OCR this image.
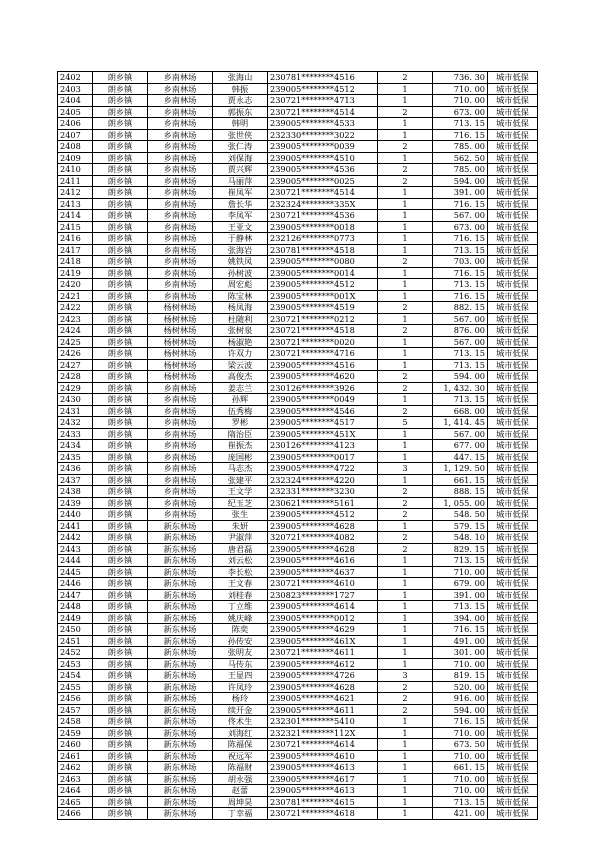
2402	朗乡镇	乡南林场	张海山	230781********4516	2	736. 30	城市低保
2403	朗乡镇	乡南林场	韩振	239005********4512	1	710. 00	城市低保
2404	朗乡镇	乡南林场	贾永志	230721********4713	1	710. 00	城市低保
2405	朗乡镇	乡南林场	郭振东	230721********4514	2	673. 00	城市低保
2406	朗乡镇	乡南林场	韩明	239005********4533	1	713. 15	城市低保
2407	朗乡镇	乡南林场	张世侠	232330********3022	1	716. 15	城市低保
2408	朗乡镇	乡南林场	张仁涛	239005********0039	2	785. 00	城市低保
2409	朗乡镇	乡南林场	刘保海	239005********4510	1	562. 50	城市低保
2410	朗乡镇	乡南林场	贾兴辉	239005********4536	2	785. 00	城市低保
2411	朗乡镇	乡南林场	马丽萍	239005********0025	2	594. 00	城市低保
2412	朗乡镇	乡南林场	崔凤军	230721********4514	1	391. 00	城市低保
2413	朗乡镇	乡南林场	詹长华	232324********335X	1	716. 15	城市低保
2414	朗乡镇	乡南林场	李凤军	230721********4536	1	567. 00	城市低保
2415	朗乡镇	乡南林场	王亚文	239005********0018	1	673. 00	城市低保
2416	朗乡镇	乡南林场	于静林	232126********0773	1	716. 15	城市低保
2417	朗乡镇	乡南林场	张海岩	230781********4518	1	713. 15	城市低保
2418	朗乡镇	乡南林场	姚铁凤	239005********0080	2	703. 00	城市低保
2419	朗乡镇	乡南林场	孙树波	239005********0014	1	716. 15	城市低保
2420	朗乡镇	乡南林场	周宏彪	239005********4512	1	713. 15	城市低保
2421	朗乡镇	乡南林场	陈宝林	239005********001X	1	716. 15	城市低保
2422	朗乡镇	杨树林场	杨凤海	239005********4519	2	882. 15	城市低保
2423	朗乡镇	杨树林场	杜随利	230721********0212	1	567. 00	城市低保
2424	朗乡镇	杨树林场	张树泉	230721********4518	2	876. 00	城市低保
2425	朗乡镇	杨树林场	杨淑艳	230721********0020	1	567. 00	城市低保
2426	朗乡镇	杨树林场	许双力	230721********4716	1	713. 15	城市低保
2427	朗乡镇	杨树林场	梁云波	239005********4516	1	713. 15	城市低保
2428	朗乡镇	杨树林场	高俊杰	239005********4620	2	594. 00	城市低保
2429	朗乡镇	乡南林场	姜志兰	230126********3926	2	1, 432. 30	城市低保
2430	朗乡镇	乡南林场	孙辉	239005********0049	1	713. 15	城市低保
2431	朗乡镇	乡南林场	伍秀梅	239005********4546	2	668. 00	城市低保
2432	朗乡镇	乡南林场	罗彬	239005********4517	5	1, 414. 45	城市低保
2433	朗乡镇	乡南林场	隋治臣	239005********451X	1	567. 00	城市低保
2434	朗乡镇	乡南林场	崔振杰	230126********4123	1	677. 00	城市低保
2435	朗乡镇	乡南林场	庞国彬	239005********0017	1	447. 15	城市低保
2436	朗乡镇	乡南林场	马志杰	239005********4722	3	1, 129. 50	城市低保
2437	朗乡镇	乡南林场	张建平	232324********4220	1	661. 15	城市低保
2438	朗乡镇	乡南林场	王文学	232331********3230	2	888. 15	城市低保
2439	朗乡镇	乡南林场	纪玉芝	230621********5161	2	1, 055. 00	城市低保
2440	朗乡镇	乡南林场	张生	239005********4512	2	548. 50	城市低保
2441	朗乡镇	新东林场	朱妍	239005********4628	1	579. 15	城市低保
2442	朗乡镇	新东林场	尹淑萍	320721********4082	2	548. 10	城市低保
2443	朗乡镇	新东林场	唐君磊	239005********4628	2	829. 15	城市低保
2444	朗乡镇	新东林场	刘云松	239005********4616	1	713. 15	城市低保
2445	朗乡镇	新东林场	李长松	239005********4637	1	710. 00	城市低保
2446	朗乡镇	新东林场	王文春	230721********4610	1	679. 00	城市低保
2447	朗乡镇	新东林场	刘桂春	230823********1727	1	391. 00	城市低保
2448	朗乡镇	新东林场	丁立维	239005********4614	1	713. 15	城市低保
2449	朗乡镇	新东林场	姚庆峰	239005********0012	1	394. 00	城市低保
2450	朗乡镇	新东林场	陈奕	239005********4629	1	716. 15	城市低保
2451	朗乡镇	新东林场	孙传安	239005********461X	1	491. 00	城市低保
2452	朗乡镇	新东林场	张明友	230721********4611	1	301. 00	城市低保
2453	朗乡镇	新东林场	马传东	239005********4612	1	710. 00	城市低保
2454	朗乡镇	新东林场	王显四	239005********4726	3	819. 15	城市低保
2455	朗乡镇	新东林场	许凤玲	239005********4628	2	520. 00	城市低保
2456	朗乡镇	新东林场	杨玲	239005********4621	2	916. 00	城市低保
2457	朗乡镇	新东林场	续开金	239005********4611	2	594. 00	城市低保
2458	朗乡镇	新东林场	佟术生	232301********5410	1	716. 15	城市低保
2459	朗乡镇	新东林场	刘海红	232321********112X	1	710. 00	城市低保
2460	朗乡镇	新东林场	陈福保	230721********4614	1	673. 50	城市低保
2461	朗乡镇	新东林场	祝远军	239005********4610	1	710. 00	城市低保
2462	朗乡镇	新东林场	陈福财	239005********4613	1	661. 15	城市低保
2463	朗乡镇	新东林场	胡永强	239005********4617	1	710. 00	城市低保
2464	朗乡镇	新东林场	赵蕾	239005********4613	1	710. 00	城市低保
2465	朗乡镇	新东林场	周坤昊	230781********4615	1	713. 15	城市低保
2466	朗乡镇	新东林场	丁幸福	230721********4618	1	421. 00	城市低保
